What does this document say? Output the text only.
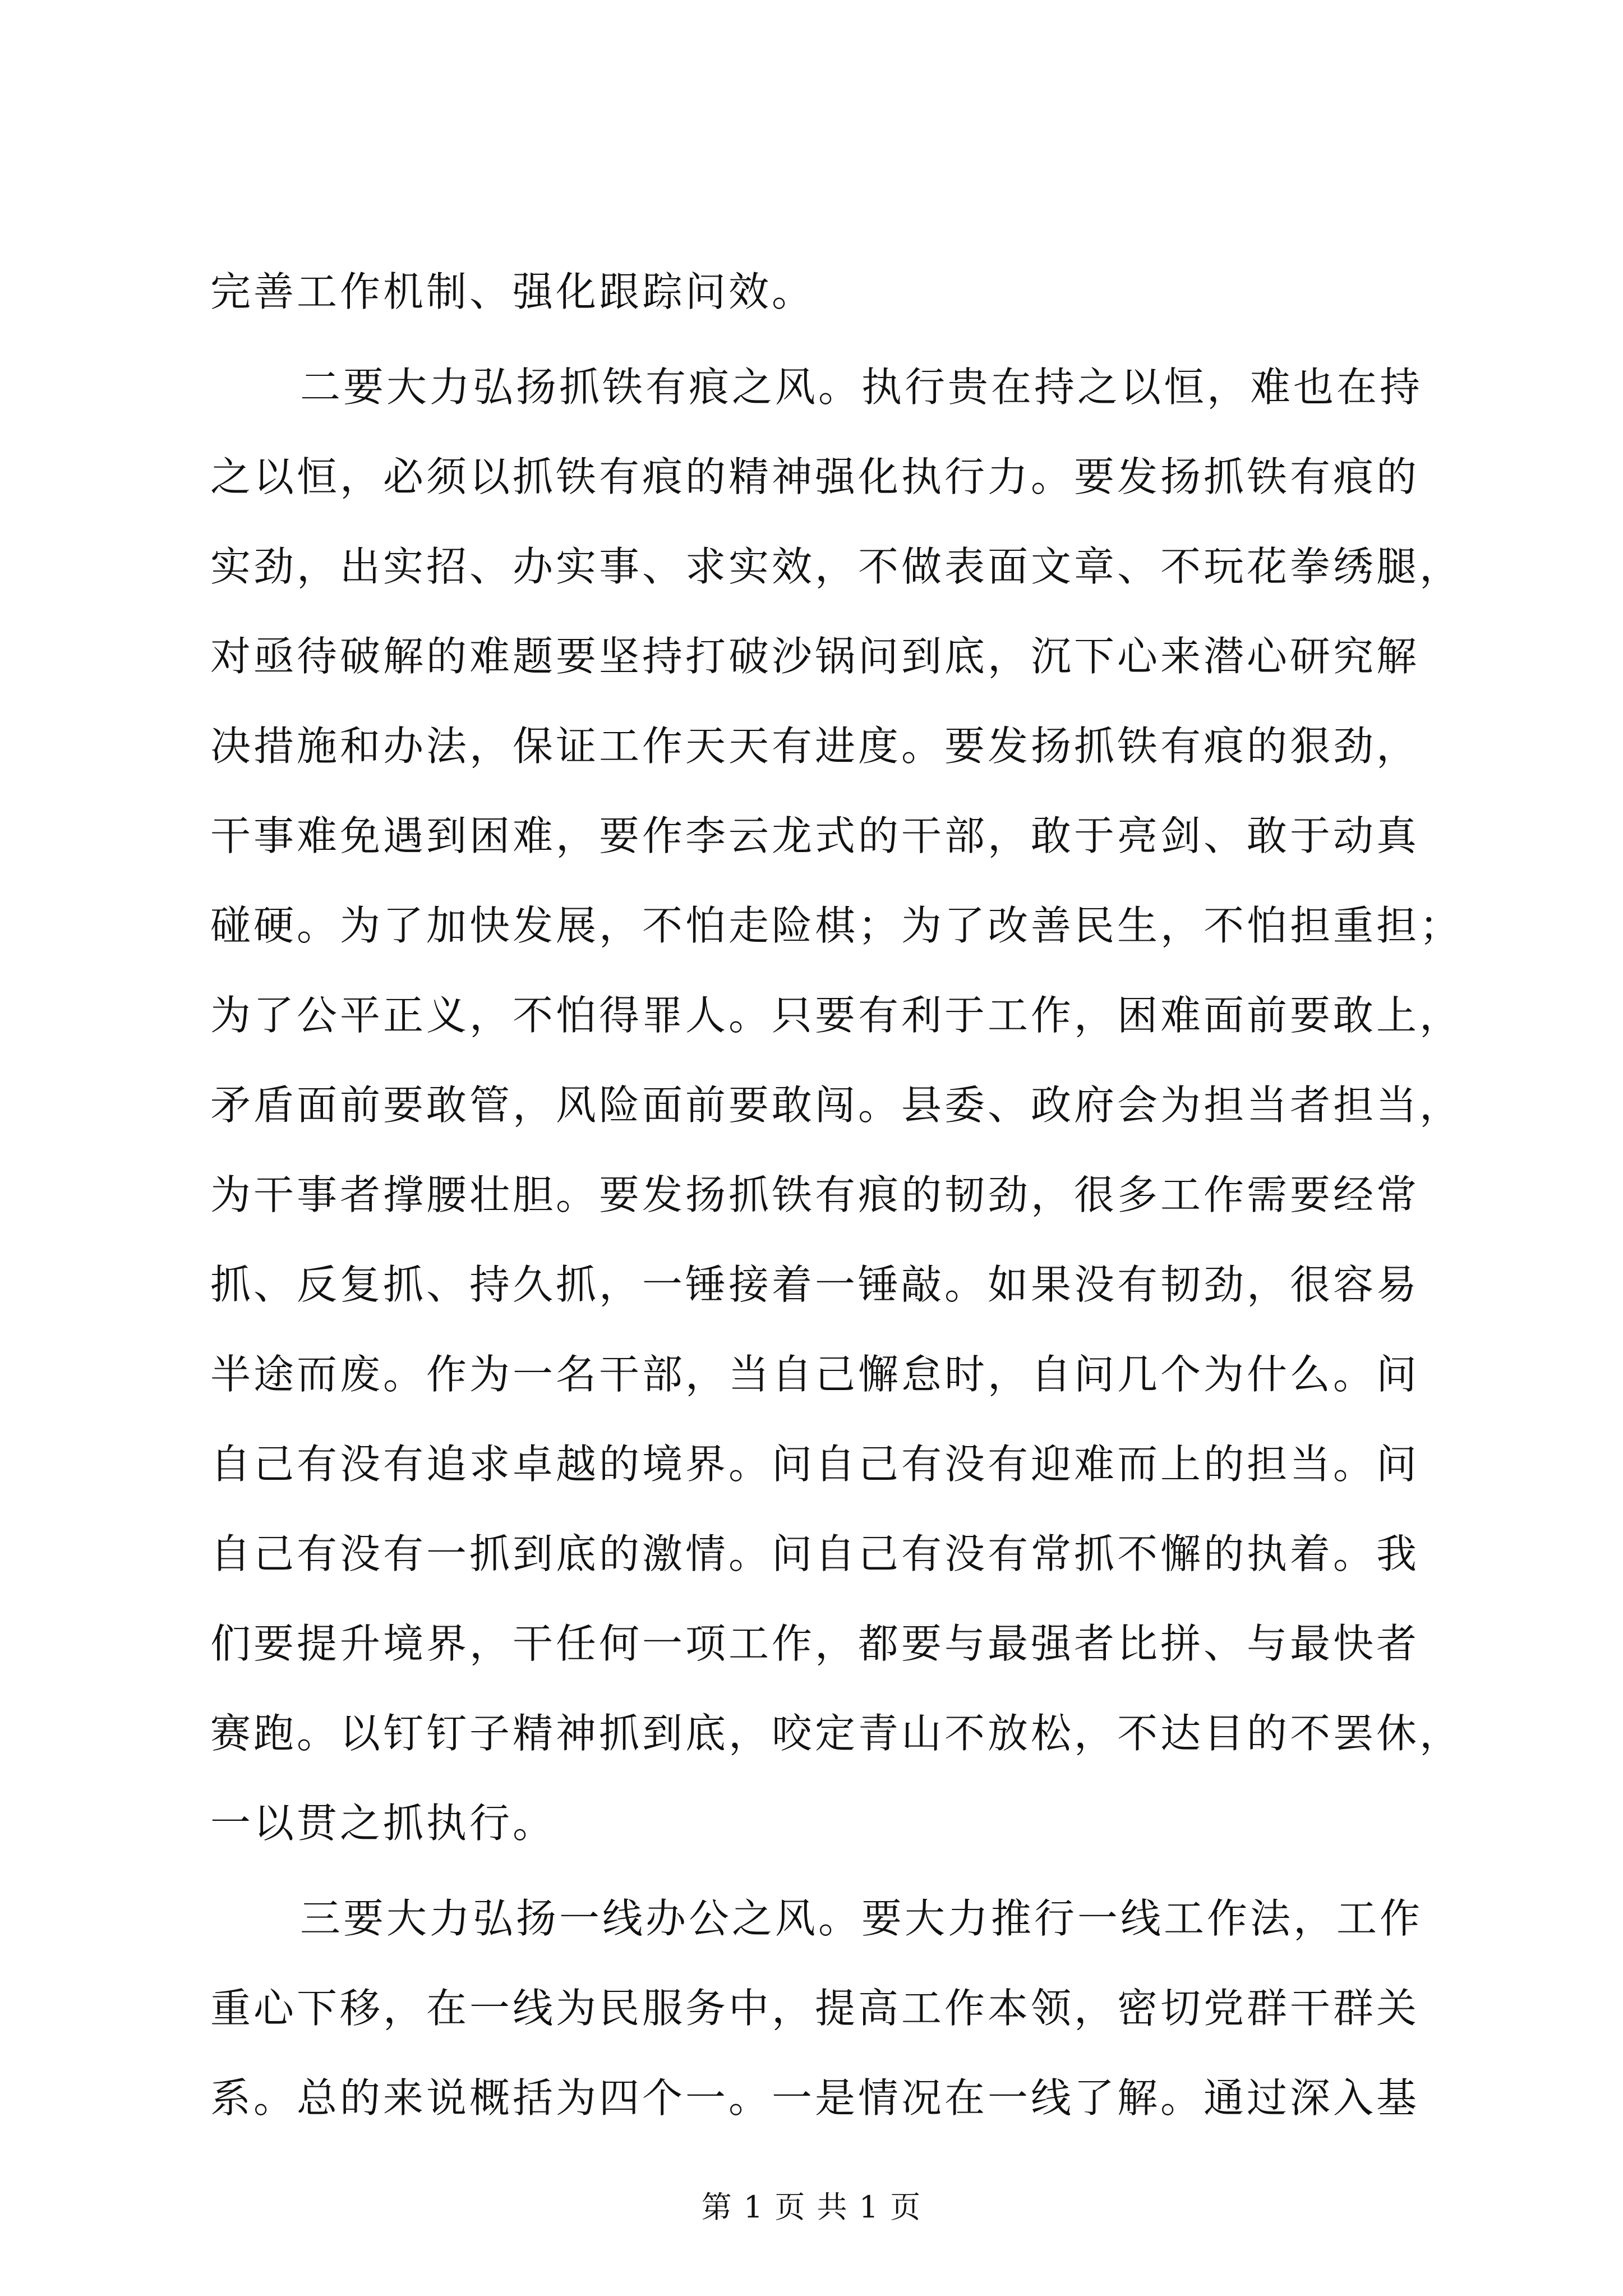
完善工作机制、强化跟踪问效。
二要大力弘扬抓铁有痕之风。执行贵在持之以恒，难也在持
之以恒，必须以抓铁有痕的精神强化执行力。要发扬抓铁有痕的
实劲，出实招、办实事、求实效，不做表面文章、不玩花拳绣腿，
对亟待破解的难题要坚持打破沙锅问到底，沉下心来潜心研究解
决措施和办法，保证工作天天有进度。要发扬抓铁有痕的狠劲，
干事难免遇到困难，要作李云龙式的干部，敢于亮剑、敢于动真
碰硬。为了加快发展，不怕走险棋；为了改善民生，不怕担重担；
为了公平正义，不怕得罪人。只要有利于工作，困难面前要敢上，
矛盾面前要敢管，风险面前要敢闯。县委、政府会为担当者担当，
为干事者撑腰壮胆。要发扬抓铁有痕的韧劲，很多工作需要经常
抓、反复抓、持久抓，一锤接着一锤敲。如果没有韧劲，很容易
半途而废。作为一名干部，当自己懈怠时，自问几个为什么。问
自己有没有追求卓越的境界。问自己有没有迎难而上的担当。问
自己有没有一抓到底的激情。问自己有没有常抓不懈的执着。我
们要提升境界，干任何一项工作，都要与最强者比拼、与最快者
赛跑。以钉钉子精神抓到底，咬定青山不放松，不达目的不罢休，
一以贯之抓执行。
三要大力弘扬一线办公之风。要大力推行一线工作法，工作
重心下移，在一线为民服务中，提高工作本领，密切党群干群关
系。总的来说概括为四个一。一是情况在一线了解。通过深入基
第 1 页 共 1 页
